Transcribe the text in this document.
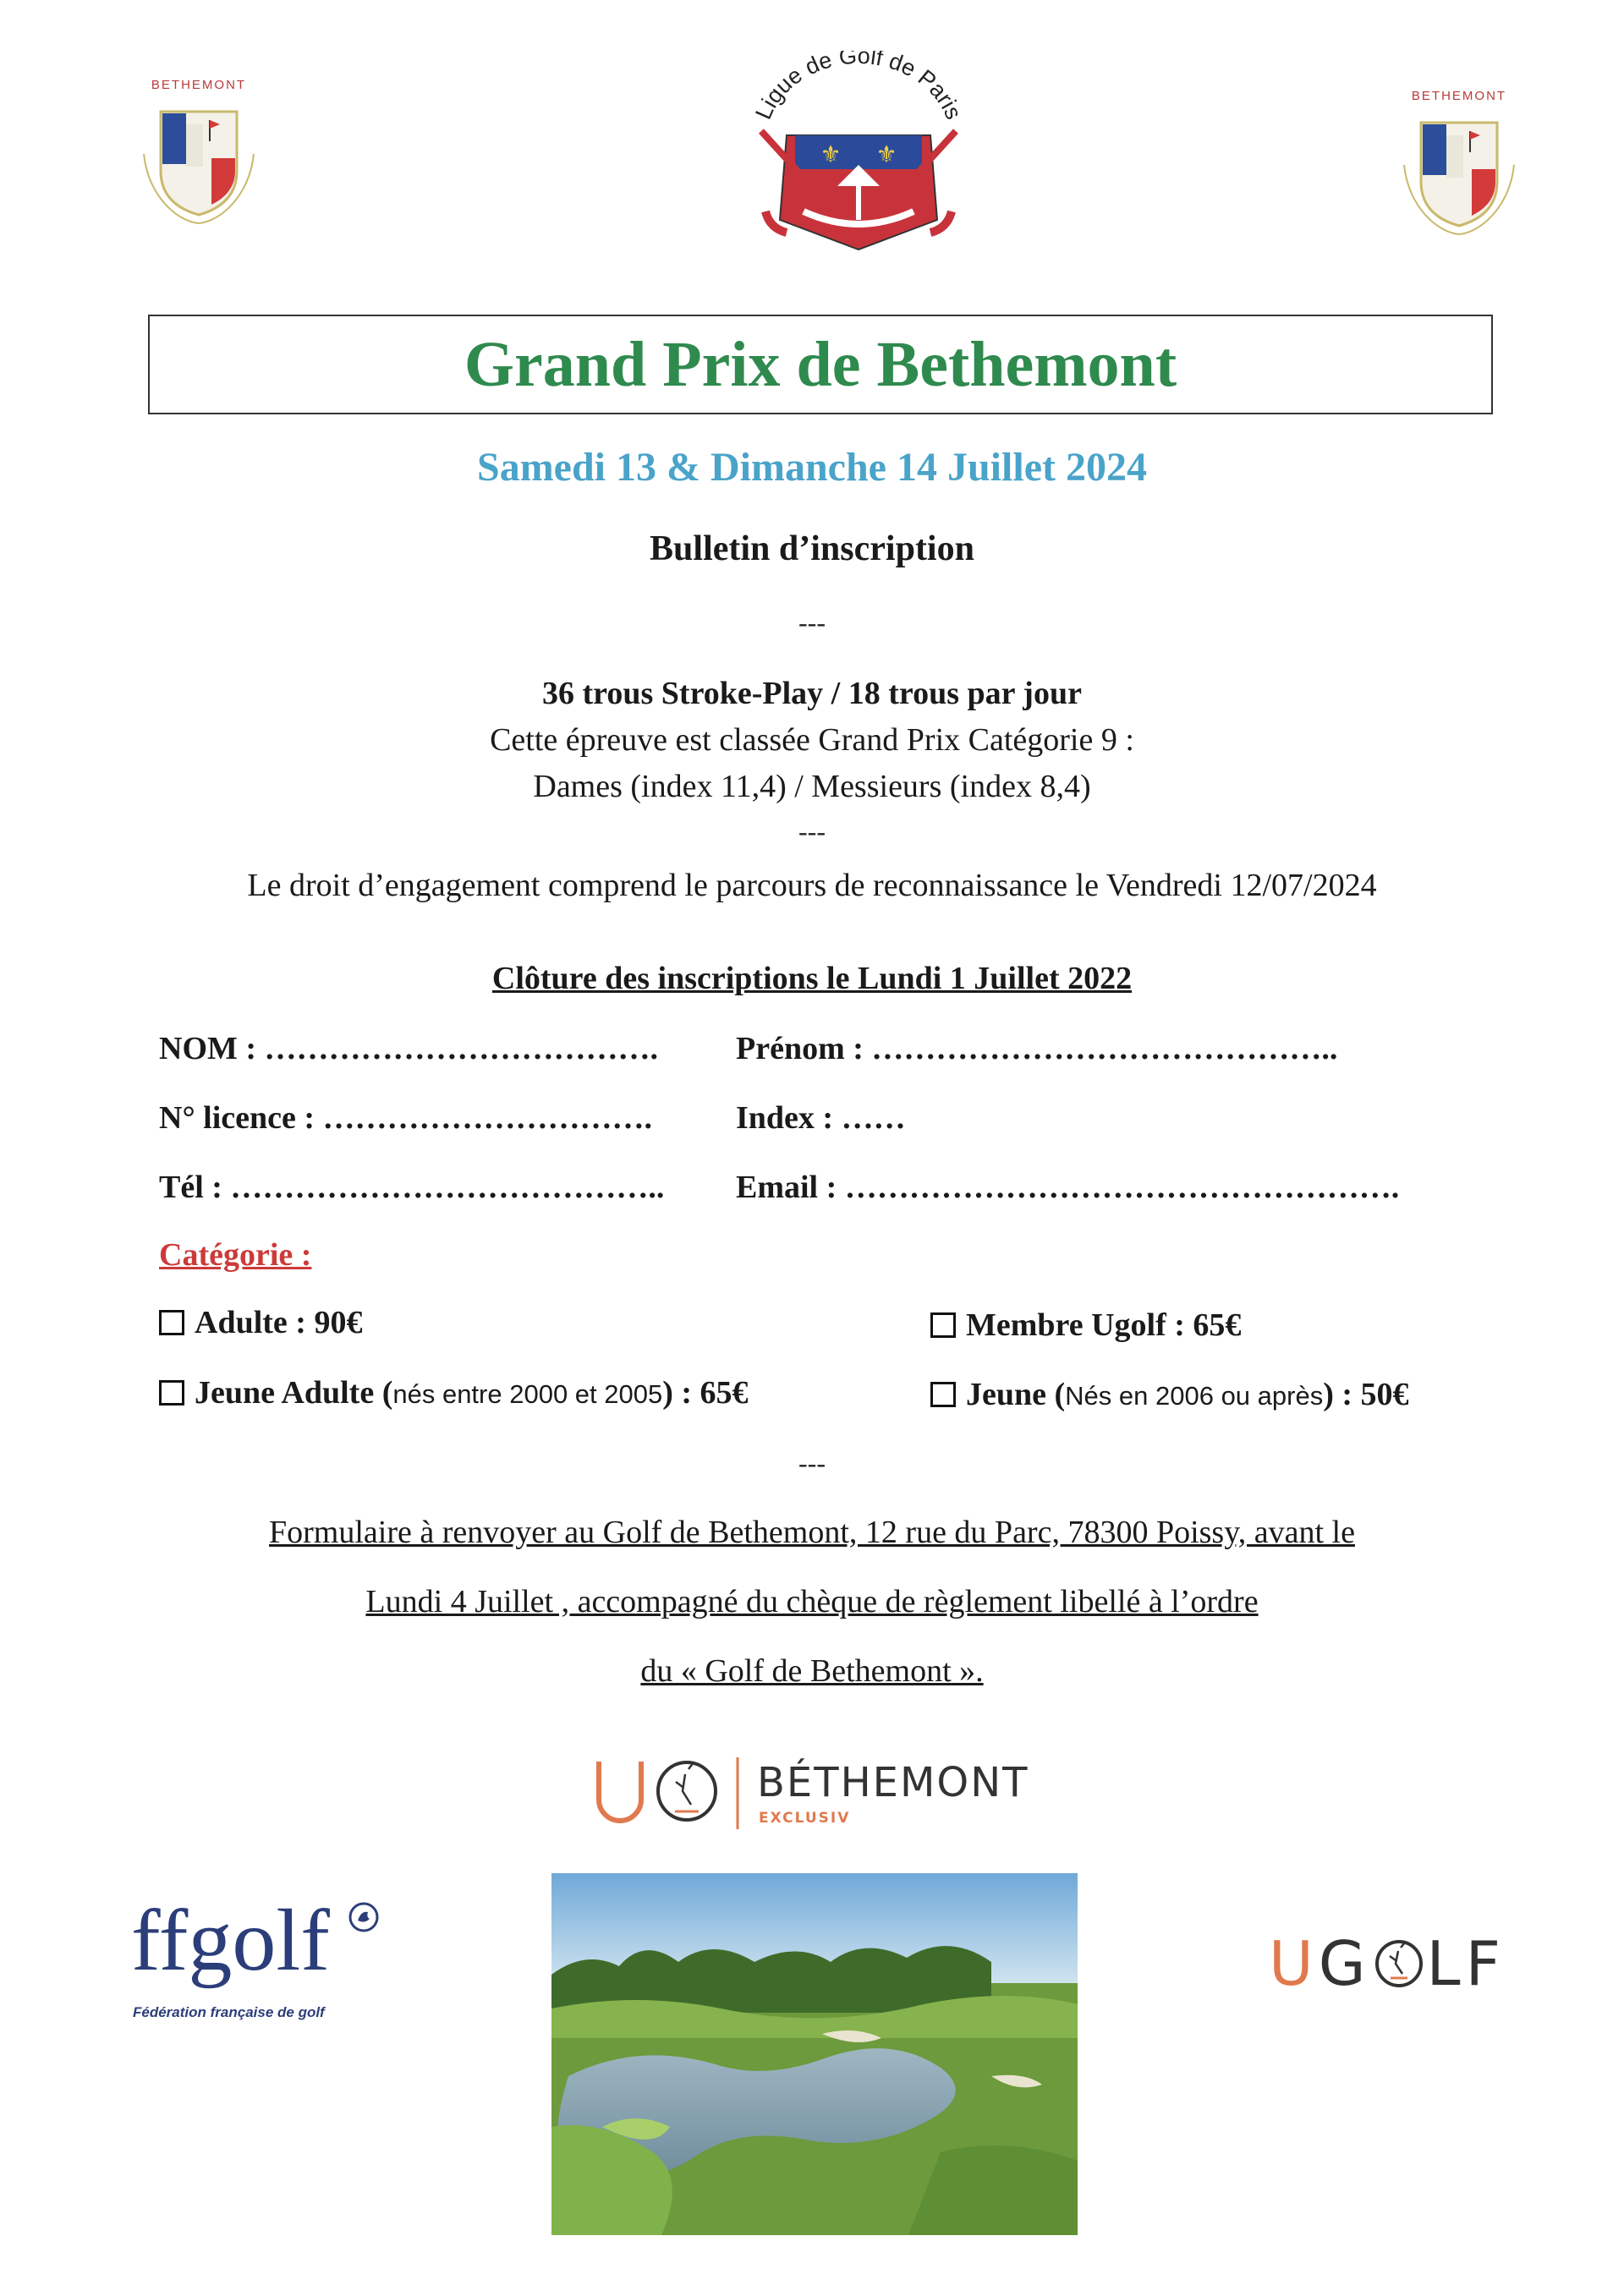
BETHEMONT
BETHEMONT
Ligue de Golf de Paris
⚜ ⚜
Grand Prix de Bethemont
Samedi 13 & Dimanche 14 Juillet 2024
Bulletin d’inscription
---
36 trous Stroke-Play / 18 trous par jour
Cette épreuve est classée Grand Prix Catégorie 9 :
Dames (index 11,4) / Messieurs (index 8,4)
---
Le droit d’engagement comprend le parcours de reconnaissance le Vendredi 12/07/2024
Clôture des inscriptions le Lundi 1 Juillet 2022
NOM : ………………………………. Prénom : ……………………………………..
N° licence : ………………………….	Index : ……
Tél : ………………………………….. Email : …………………………………………….
Catégorie :
Adulte : 90€	Membre Ugolf : 65€
Jeune Adulte ( nés entre 2000 et 2005 ) : 65€	Jeune ( Nés en 2006 ou après ) : 50€
---
Formulaire à renvoyer au Golf de Bethemont, 12 rue du Parc, 78300 Poissy, avant le
Lundi 4 Juillet , accompagné du chèque de règlement libellé à l’ordre
du « Golf de Bethemont ».
BÉTHEMONT
EXCLUSIV
ffgolf
Fédération française de golf
U G LF
